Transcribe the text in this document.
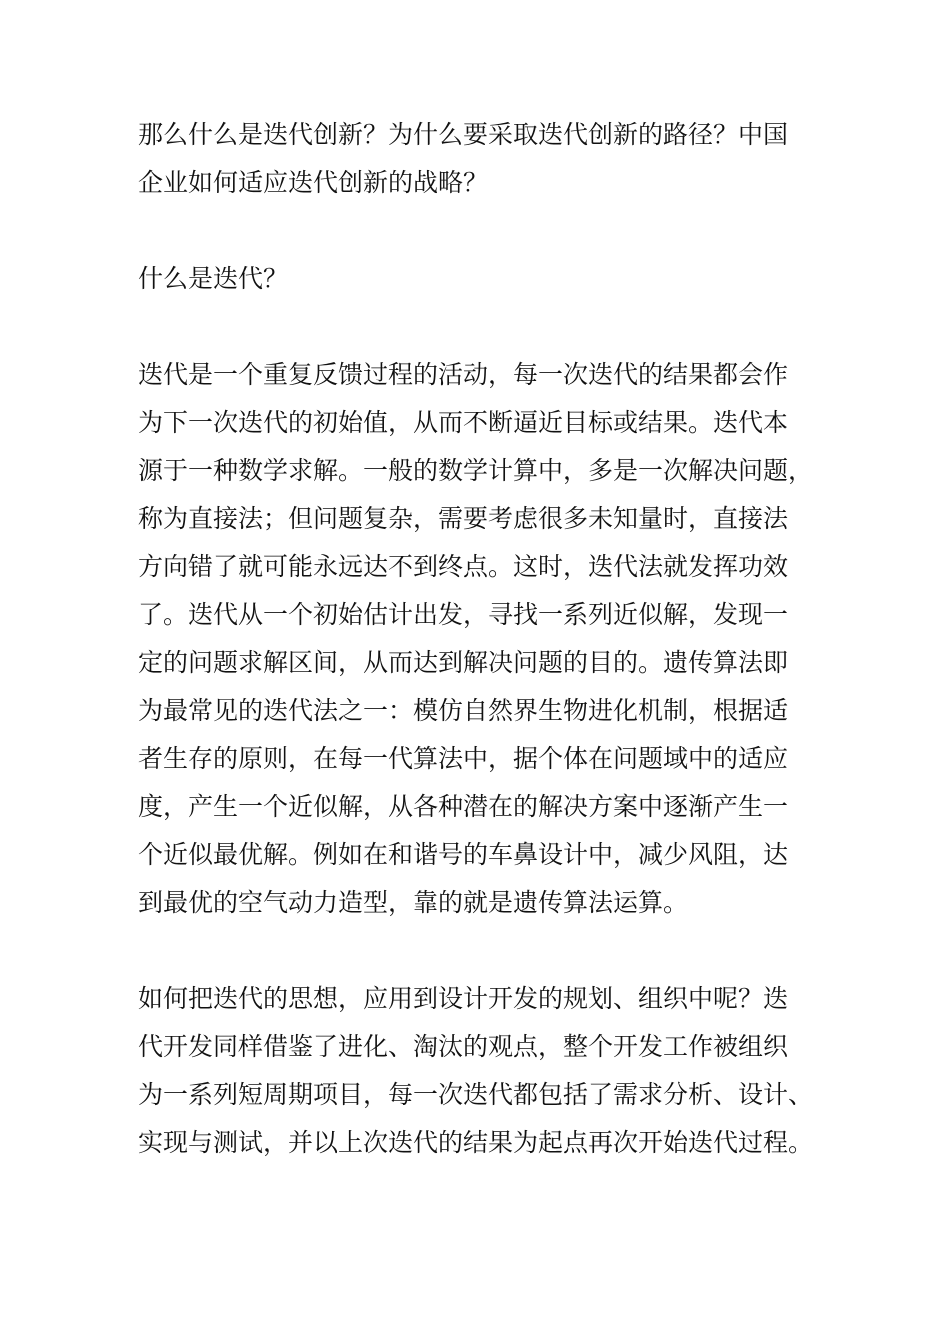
那么什么是迭代创新？为什么要采取迭代创新的路径？中国
企业如何适应迭代创新的战略？
什么是迭代？
迭代是一个重复反馈过程的活动，每一次迭代的结果都会作
为下一次迭代的初始值，从而不断逼近目标或结果。迭代本
源于一种数学求解。一般的数学计算中，多是一次解决问题，
称为直接法；但问题复杂，需要考虑很多未知量时，直接法
方向错了就可能永远达不到终点。这时，迭代法就发挥功效
了。迭代从一个初始估计出发，寻找一系列近似解，发现一
定的问题求解区间，从而达到解决问题的目的。遗传算法即
为最常见的迭代法之一：模仿自然界生物进化机制，根据适
者生存的原则，在每一代算法中，据个体在问题域中的适应
度，产生一个近似解，从各种潜在的解决方案中逐渐产生一
个近似最优解。例如在和谐号的车鼻设计中，减少风阻，达
到最优的空气动力造型，靠的就是遗传算法运算。
如何把迭代的思想，应用到设计开发的规划、组织中呢？迭
代开发同样借鉴了进化、淘汰的观点，整个开发工作被组织
为一系列短周期项目，每一次迭代都包括了需求分析、设计、
实现与测试，并以上次迭代的结果为起点再次开始迭代过程。
